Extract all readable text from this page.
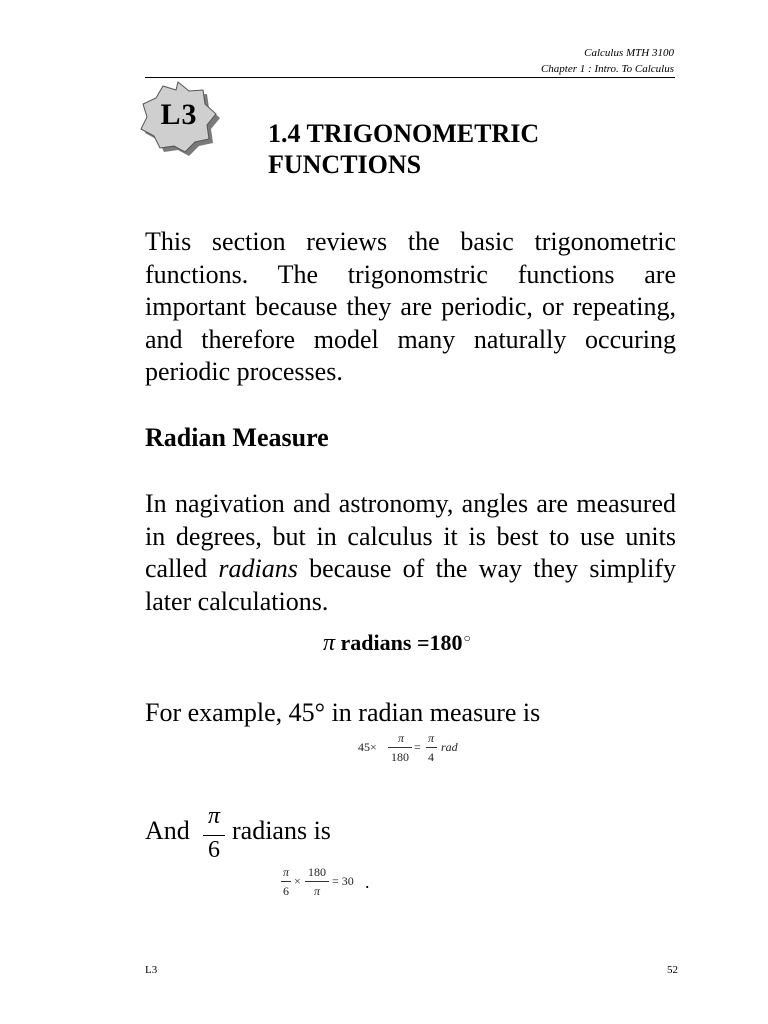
Calculus MTH 3100
Chapter 1 : Intro. To Calculus
L3
1.4 TRIGONOMETRIC FUNCTIONS
This section reviews the basic trigonometric functions. The trigonomstric functions are important because they are periodic, or repeating, and therefore model many naturally occuring periodic processes.
Radian Measure
In nagivation and astronomy, angles are measured in degrees, but in calculus it is best to use units called radians because of the way they simplify later calculations.
π radians =180○
For example, 45° in radian measure is
45×
π
180
=
π
4
rad
And π
6
radians is
π
6
×
180
π
= 30 .
L3	52
